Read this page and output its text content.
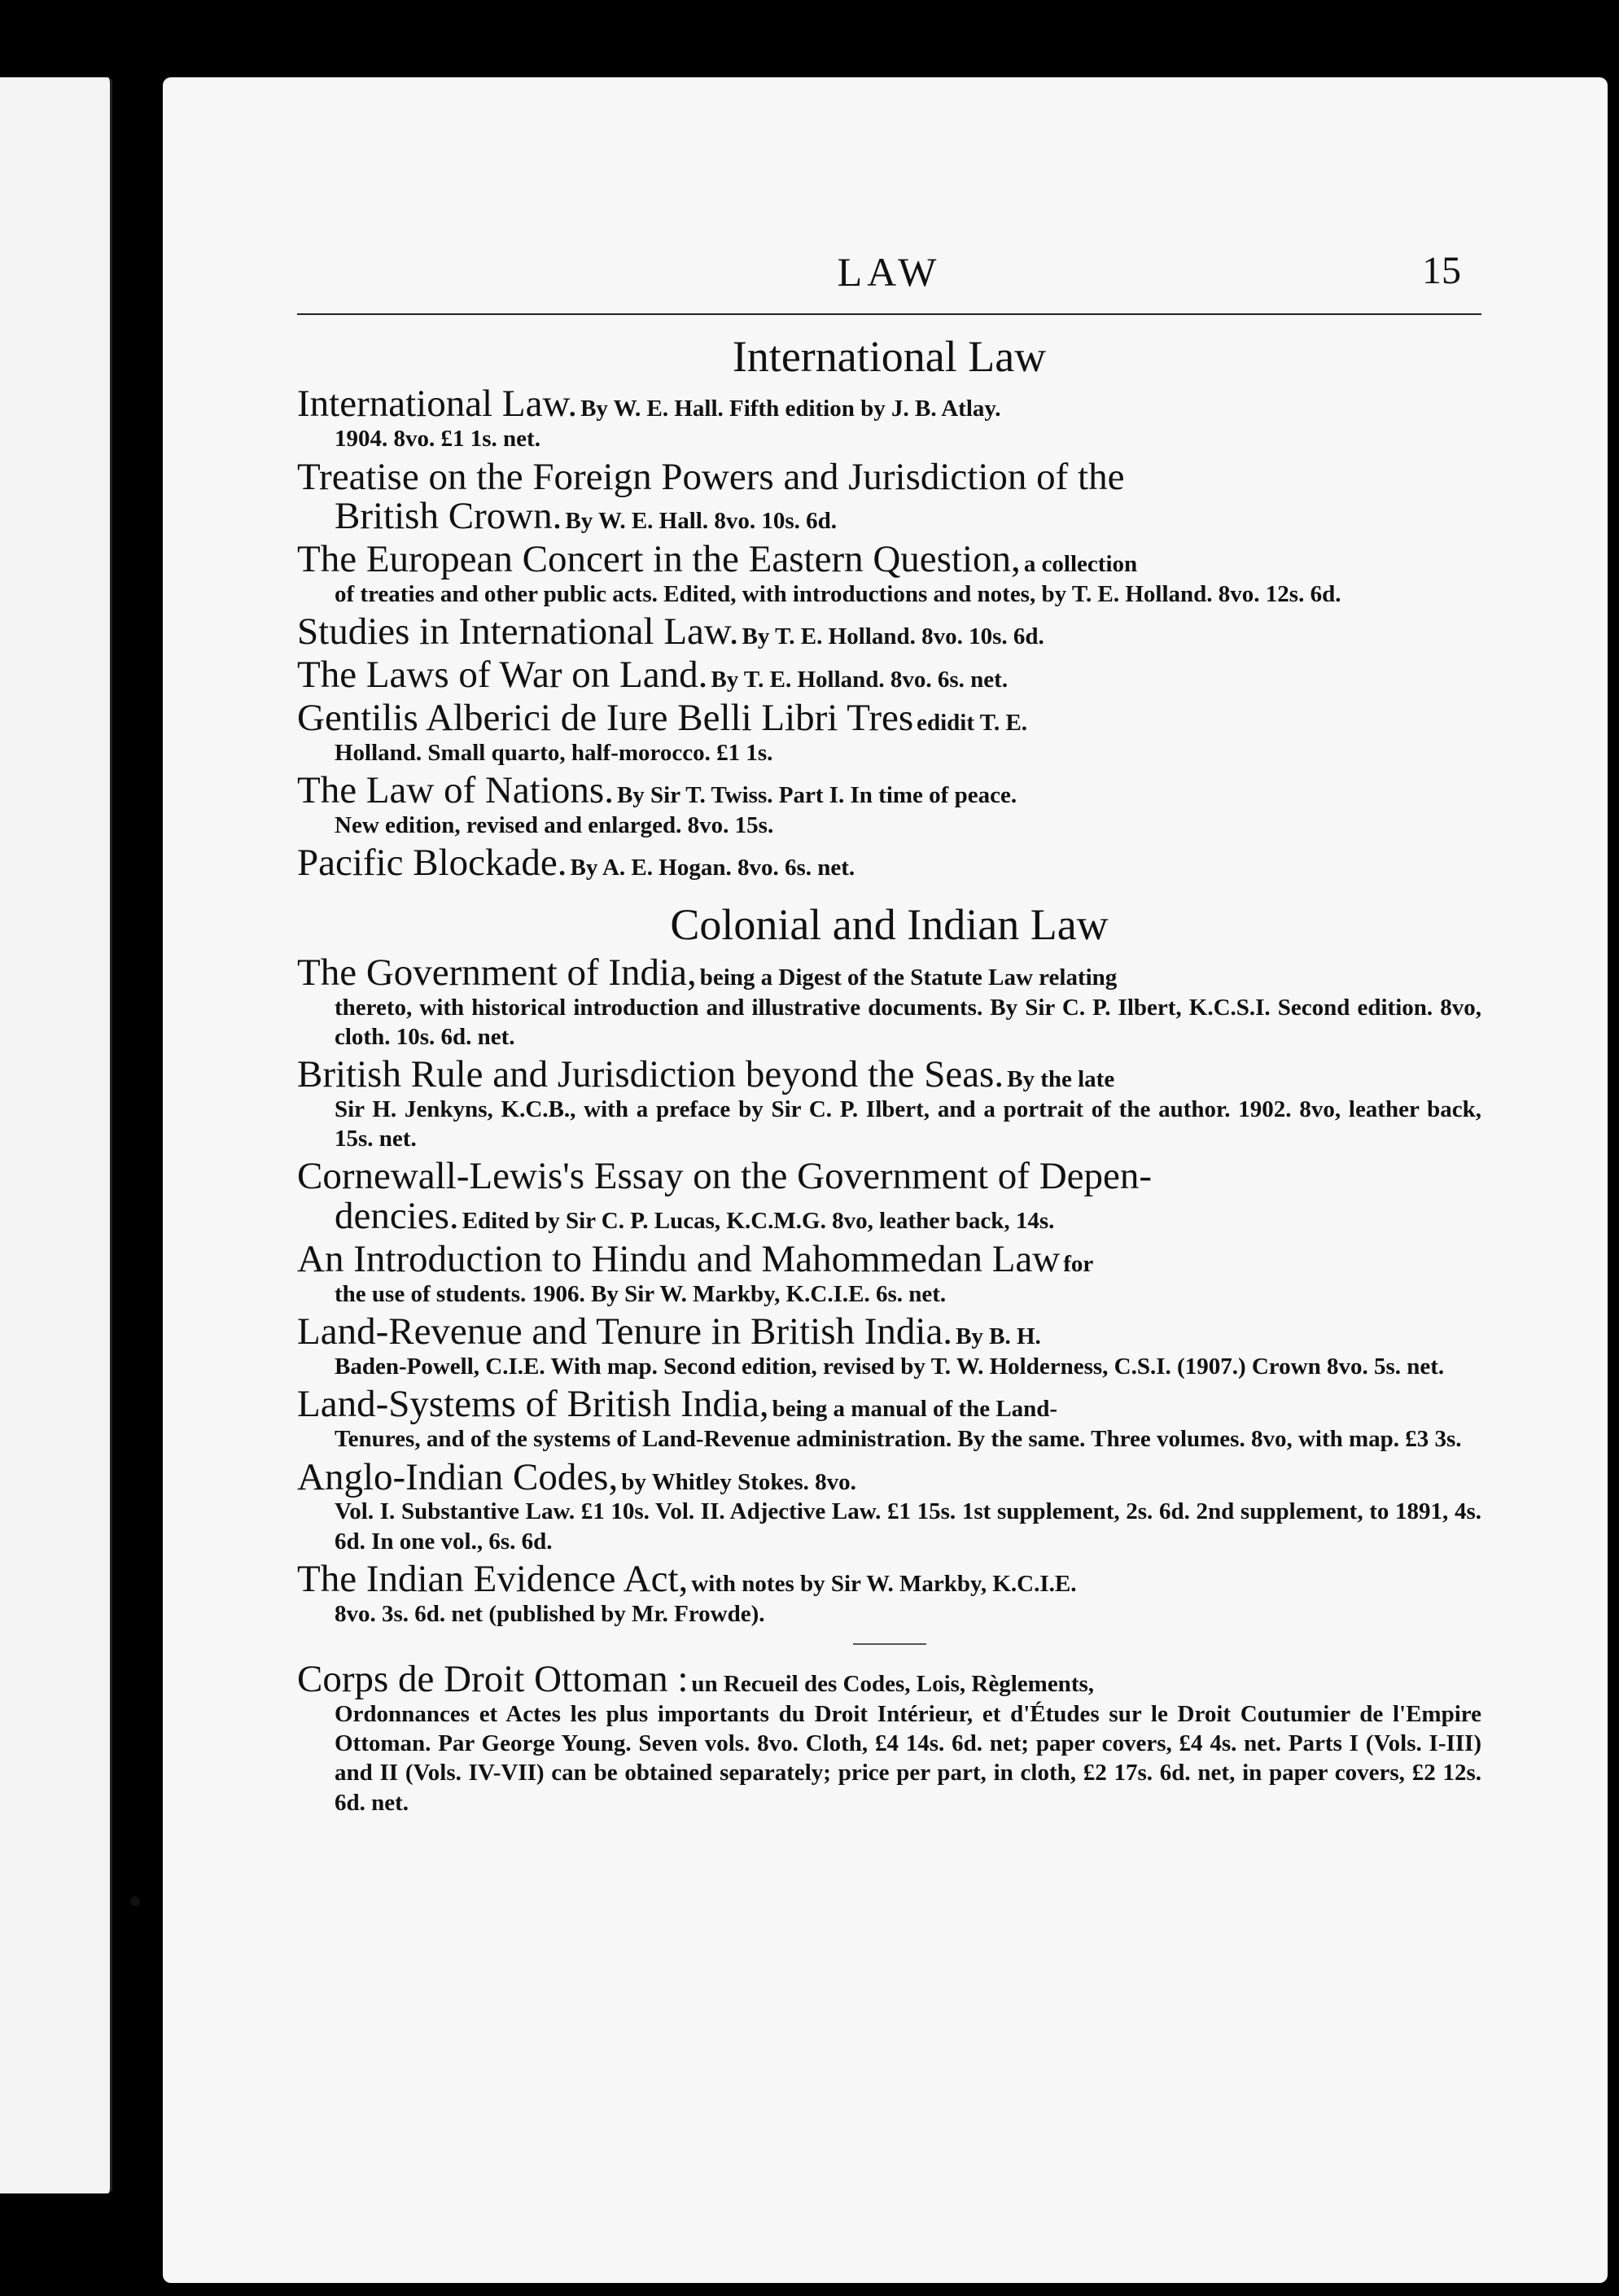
LAW	15
International Law
International Law. By W. E. Hall. Fifth edition by J. B. Atlay.
1904. 8vo. £1 1s. net.
Treatise on the Foreign Powers and Jurisdiction of the
British Crown. By W. E. Hall. 8vo. 10s. 6d.
The European Concert in the Eastern Question, a collection
of treaties and other public acts. Edited, with introductions and notes, by T. E. Holland. 8vo. 12s. 6d.
Studies in International Law. By T. E. Holland. 8vo. 10s. 6d.
The Laws of War on Land. By T. E. Holland. 8vo. 6s. net.
Gentilis Alberici de Iure Belli Libri Tres edidit T. E.
Holland. Small quarto, half-morocco. £1 1s.
The Law of Nations. By Sir T. Twiss. Part I. In time of peace.
New edition, revised and enlarged. 8vo. 15s.
Pacific Blockade. By A. E. Hogan. 8vo. 6s. net.
Colonial and Indian Law
The Government of India, being a Digest of the Statute Law relating
thereto, with historical introduction and illustrative documents. By Sir C. P. Ilbert, K.C.S.I. Second edition. 8vo, cloth. 10s. 6d. net.
British Rule and Jurisdiction beyond the Seas. By the late
Sir H. Jenkyns, K.C.B., with a preface by Sir C. P. Ilbert, and a portrait of the author. 1902. 8vo, leather back, 15s. net.
Cornewall-Lewis's Essay on the Government of Depen-
dencies. Edited by Sir C. P. Lucas, K.C.M.G. 8vo, leather back, 14s.
An Introduction to Hindu and Mahommedan Law for
the use of students. 1906. By Sir W. Markby, K.C.I.E. 6s. net.
Land-Revenue and Tenure in British India. By B. H.
Baden-Powell, C.I.E. With map. Second edition, revised by T. W. Holderness, C.S.I. (1907.) Crown 8vo. 5s. net.
Land-Systems of British India, being a manual of the Land-
Tenures, and of the systems of Land-Revenue administration. By the same. Three volumes. 8vo, with map. £3 3s.
Anglo-Indian Codes, by Whitley Stokes. 8vo.
Vol. I. Substantive Law. £1 10s. Vol. II. Adjective Law. £1 15s. 1st supplement, 2s. 6d. 2nd supplement, to 1891, 4s. 6d. In one vol., 6s. 6d.
The Indian Evidence Act, with notes by Sir W. Markby, K.C.I.E.
8vo. 3s. 6d. net (published by Mr. Frowde).
Corps de Droit Ottoman : un Recueil des Codes, Lois, Règlements,
Ordonnances et Actes les plus importants du Droit Intérieur, et d'Études sur le Droit Coutumier de l'Empire Ottoman. Par George Young. Seven vols. 8vo. Cloth, £4 14s. 6d. net; paper covers, £4 4s. net. Parts I (Vols. I-III) and II (Vols. IV-VII) can be obtained separately; price per part, in cloth, £2 17s. 6d. net, in paper covers, £2 12s. 6d. net.
